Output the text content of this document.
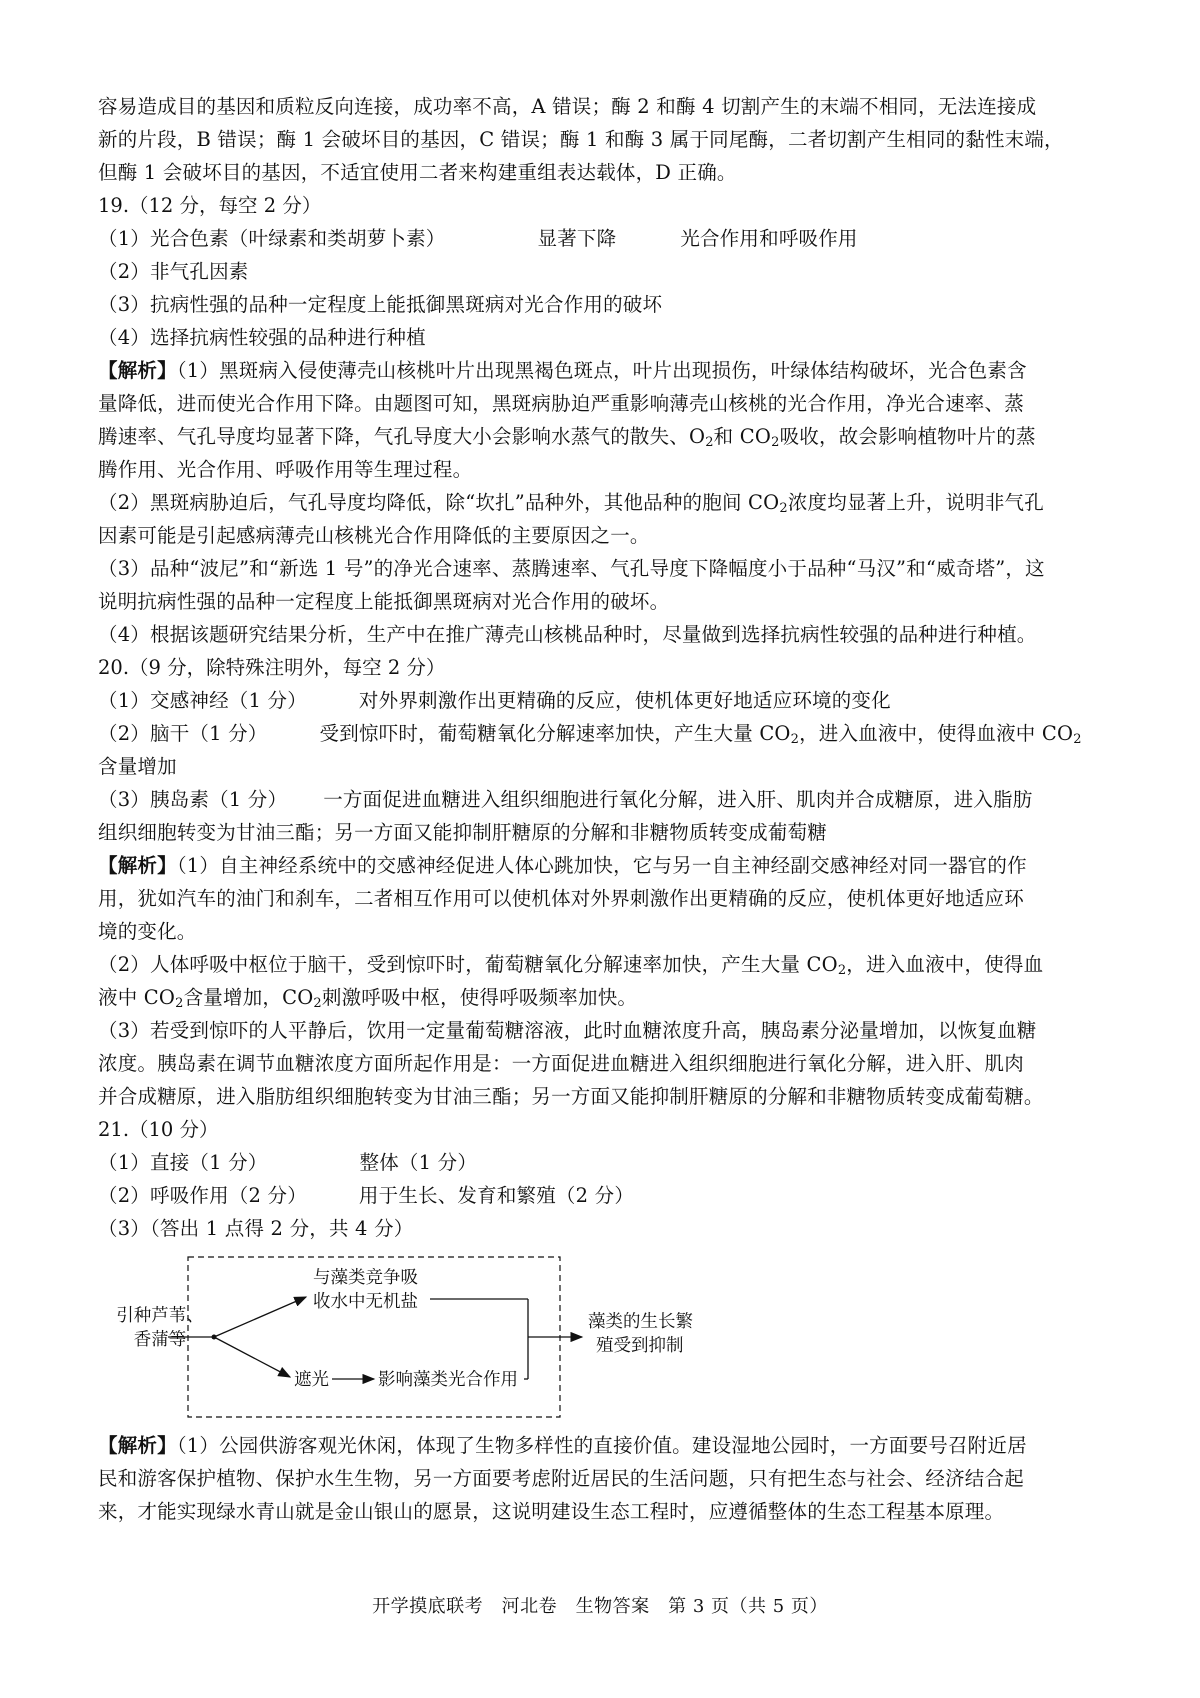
容易造成目的基因和质粒反向连接，成功率不高，A 错误；酶 2 和酶 4 切割产生的末端不相同，无法连接成
新的片段，B 错误；酶 1 会破坏目的基因，C 错误；酶 1 和酶 3 属于同尾酶，二者切割产生相同的黏性末端，
但酶 1 会破坏目的基因，不适宜使用二者来构建重组表达载体，D 正确。
19.（12 分，每空 2 分）
（1）光合色素（叶绿素和类胡萝卜素）	显著下降	光合作用和呼吸作用
（2）非气孔因素
（3）抗病性强的品种一定程度上能抵御黑斑病对光合作用的破坏
（4）选择抗病性较强的品种进行种植
【解析】（1）黑斑病入侵使薄壳山核桃叶片出现黑褐色斑点，叶片出现损伤，叶绿体结构破坏，光合色素含
量降低，进而使光合作用下降。由题图可知，黑斑病胁迫严重影响薄壳山核桃的光合作用，净光合速率、蒸
腾速率、气孔导度均显著下降，气孔导度大小会影响水蒸气的散失、$O_2$和 $CO_2$吸收，故会影响植物叶片的蒸
腾作用、光合作用、呼吸作用等生理过程。
（2）黑斑病胁迫后，气孔导度均降低，除“坎扎”品种外，其他品种的胞间 $CO_2$浓度均显著上升，说明非气孔
因素可能是引起感病薄壳山核桃光合作用降低的主要原因之一。
（3）品种“波尼”和“新选 1 号”的净光合速率、蒸腾速率、气孔导度下降幅度小于品种“马汉”和“威奇塔”，这
说明抗病性强的品种一定程度上能抵御黑斑病对光合作用的破坏。
（4）根据该题研究结果分析，生产中在推广薄壳山核桃品种时，尽量做到选择抗病性较强的品种进行种植。
20.（9 分，除特殊注明外，每空 2 分）
（1）交感神经（1 分）	对外界刺激作出更精确的反应，使机体更好地适应环境的变化
（2）脑干（1 分）	受到惊吓时，葡萄糖氧化分解速率加快，产生大量 $CO_2$，进入血液中，使得血液中 $CO_2$
含量增加
（3）胰岛素（1 分） 一方面促进血糖进入组织细胞进行氧化分解，进入肝、肌肉并合成糖原，进入脂肪
组织细胞转变为甘油三酯；另一方面又能抑制肝糖原的分解和非糖物质转变成葡萄糖
【解析】（1）自主神经系统中的交感神经促进人体心跳加快，它与另一自主神经副交感神经对同一器官的作
用，犹如汽车的油门和刹车，二者相互作用可以使机体对外界刺激作出更精确的反应，使机体更好地适应环
境的变化。
（2）人体呼吸中枢位于脑干，受到惊吓时，葡萄糖氧化分解速率加快，产生大量 $CO_2$，进入血液中，使得血
液中 $CO_2$含量增加，$CO_2$刺激呼吸中枢，使得呼吸频率加快。
（3）若受到惊吓的人平静后，饮用一定量葡萄糖溶液，此时血糖浓度升高，胰岛素分泌量增加，以恢复血糖
浓度。胰岛素在调节血糖浓度方面所起作用是：一方面促进血糖进入组织细胞进行氧化分解，进入肝、肌肉
并合成糖原，进入脂肪组织细胞转变为甘油三酯；另一方面又能抑制肝糖原的分解和非糖物质转变成葡萄糖。
21.（10 分）
（1）直接（1 分）	整体（1 分）
（2）呼吸作用（2 分）	用于生长、发育和繁殖（2 分）
（3）（答出 1 点得 2 分，共 4 分）
引种芦苇、
香蒲等
与藻类竞争吸
收水中无机盐
遮光	影响藻类光合作用
藻类的生长繁
殖受到抑制
【解析】（1）公园供游客观光休闲，体现了生物多样性的直接价值。建设湿地公园时，一方面要号召附近居
民和游客保护植物、保护水生生物，另一方面要考虑附近居民的生活问题，只有把生态与社会、经济结合起
来，才能实现绿水青山就是金山银山的愿景，这说明建设生态工程时，应遵循整体的生态工程基本原理。
开学摸底联考　河北卷　生物答案　第 3 页（共 5 页）
